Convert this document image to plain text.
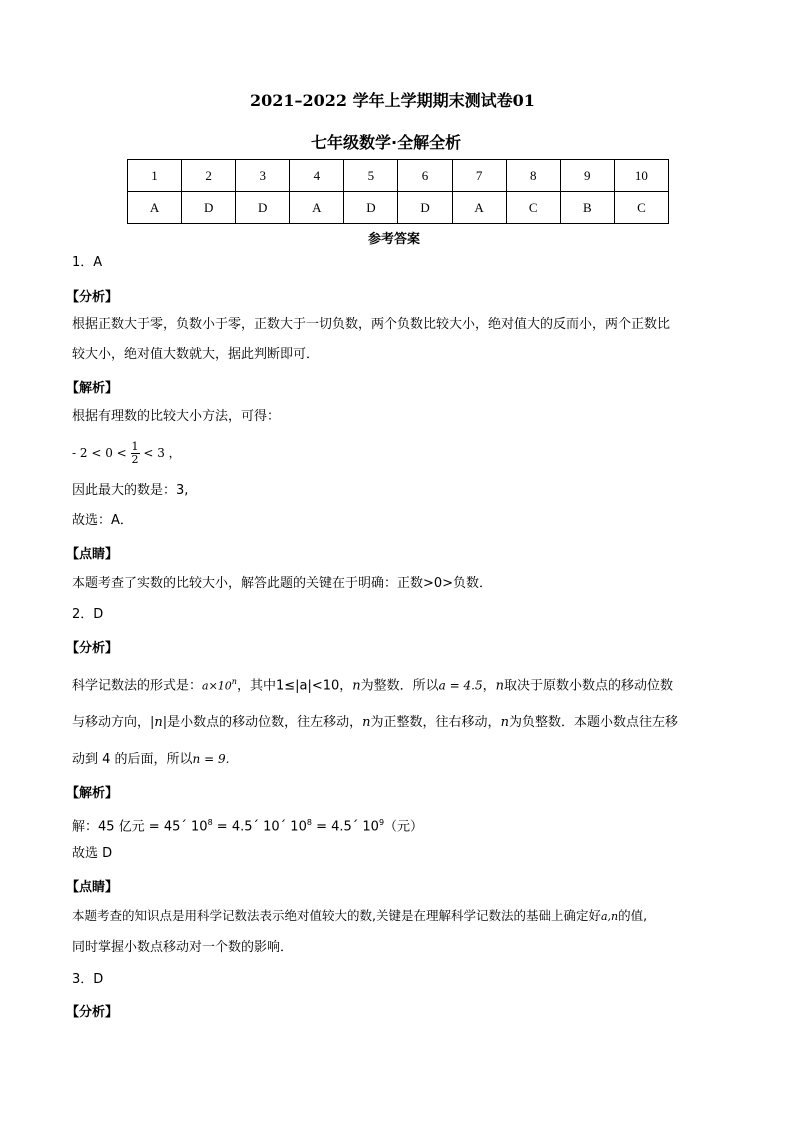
2021–2022 学年上学期期末测试卷01
七年级数学·全解全析
1	2	3	4	5	6	7	8	9	10
A	D	D	A	D	D	A	C	B	C
参考答案
1．A
【分析】
根据正数大于零，负数小于零，正数大于一切负数，两个负数比较大小，绝对值大的反而小，两个正数比
较大小，绝对值大数就大，据此判断即可．
【解析】
根据有理数的比较大小方法，可得：
- $2 < 0 < \frac{1}{2} < 3$ ，
因此最大的数是：3,
故选：A．
【点睛】
本题考查了实数的比较大小，解答此题的关键在于明确：正数>0>负数．
2．D
【分析】
科学记数法的形式是：$a\times 10^n$，其中1≤|a|<10，n为整数．所以a = 4.5，n取决于原数小数点的移动位数
与移动方向，|n|是小数点的移动位数，往左移动，n为正整数，往右移动，n为负整数．本题小数点往左移
动到 4 的后面，所以n = 9.
【解析】
解：45 亿元 = 45´ $10^8$ = 4.5´ 10´ $10^8$ = 4.5´ $10^9$（元）
故选 D
【点睛】
本题考查的知识点是用科学记数法表示绝对值较大的数,关键是在理解科学记数法的基础上确定好a,n的值,
同时掌握小数点移动对一个数的影响．
3．D
【分析】
